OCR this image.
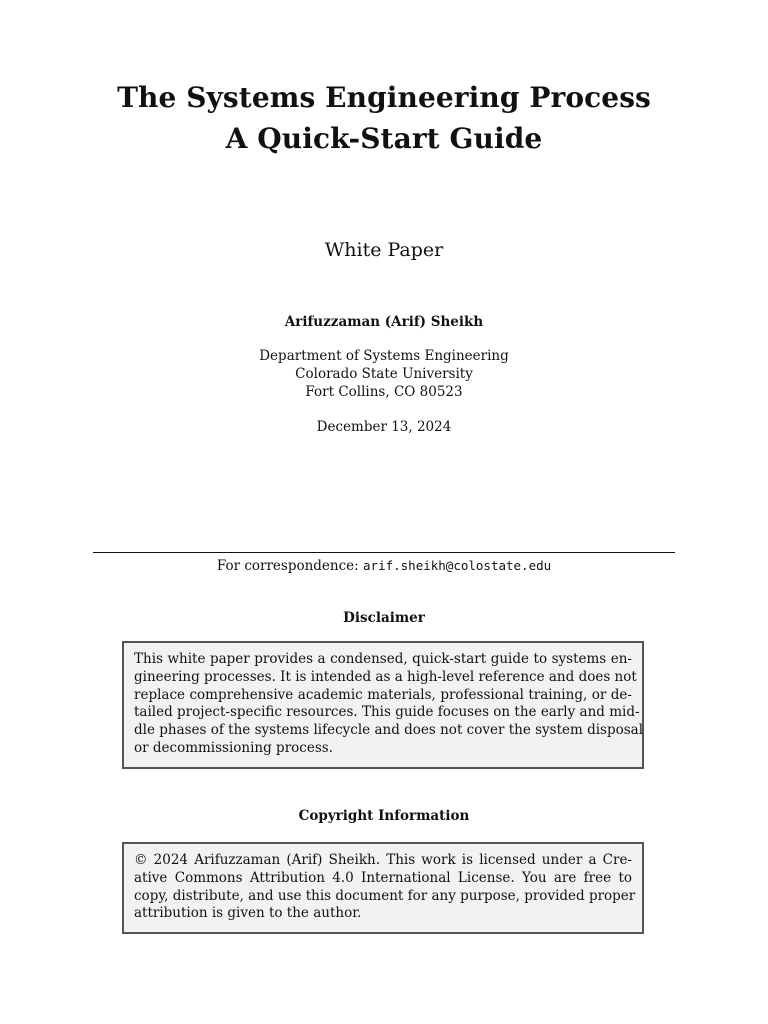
The Systems Engineering Process
A Quick-Start Guide
White Paper
Arifuzzaman (Arif) Sheikh
Department of Systems Engineering
Colorado State University
Fort Collins, CO 80523
December 13, 2024
For correspondence: arif.sheikh@colostate.edu
Disclaimer
This white paper provides a condensed, quick-start guide to systems en-
gineering processes. It is intended as a high-level reference and does not
replace comprehensive academic materials, professional training, or de-
tailed project-specific resources. This guide focuses on the early and mid-
dle phases of the systems lifecycle and does not cover the system disposal
or decommissioning process.
Copyright Information
© 2024 Arifuzzaman (Arif) Sheikh. This work is licensed under a Cre-
ative Commons Attribution 4.0 International License. You are free to
copy, distribute, and use this document for any purpose, provided proper
attribution is given to the author.
